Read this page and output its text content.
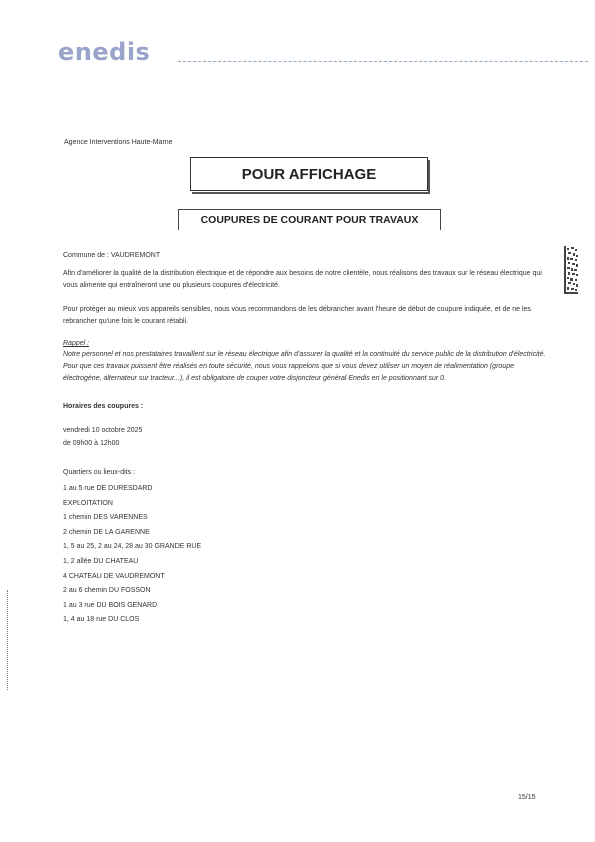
enedis
Agence Interventions Haute-Marne
POUR AFFICHAGE
COUPURES DE COURANT POUR TRAVAUX
Commune de : VAUDREMONT
Afin d'améliorer la qualité de la distribution électrique et de répondre aux besoins de notre clientèle, nous réalisons des travaux sur le réseau électrique qui vous alimente qui entraîneront une ou plusieurs coupures d'électricité.
Pour protéger au mieux vos appareils sensibles, nous vous recommandons de les débrancher avant l'heure de début de coupure indiquée, et de ne les rebrancher qu'une fois le courant rétabli.
Rappel :
Notre personnel et nos prestataires travaillent sur le réseau électrique afin d'assurer la qualité et la continuité du service public de la distribution d'électricité. Pour que ces travaux puissent être réalisés en toute sécurité, nous vous rappelons que si vous devez utiliser un moyen de réalimentation (groupe électrogène, alternateur sur tracteur...), il est obligatoire de couper votre disjoncteur général Enedis en le positionnant sur 0.
Horaires des coupures :
vendredi 10 octobre 2025
de 09h00 à 12h00
Quartiers ou lieux-dits :
1 au 5 rue DE DURESDARD
EXPLOITATION
1 chemin DES VARENNES
2 chemin DE LA GARENNE
1, 5 au 25, 2 au 24, 28 au 30 GRANDE RUE
1, 2 allée DU CHATEAU
4 CHATEAU DE VAUDREMONT
2 au 6 chemin DU FOSSON
1 au 3 rue DU BOIS GENARD
1, 4 au 18 rue DU CLOS
15/15
